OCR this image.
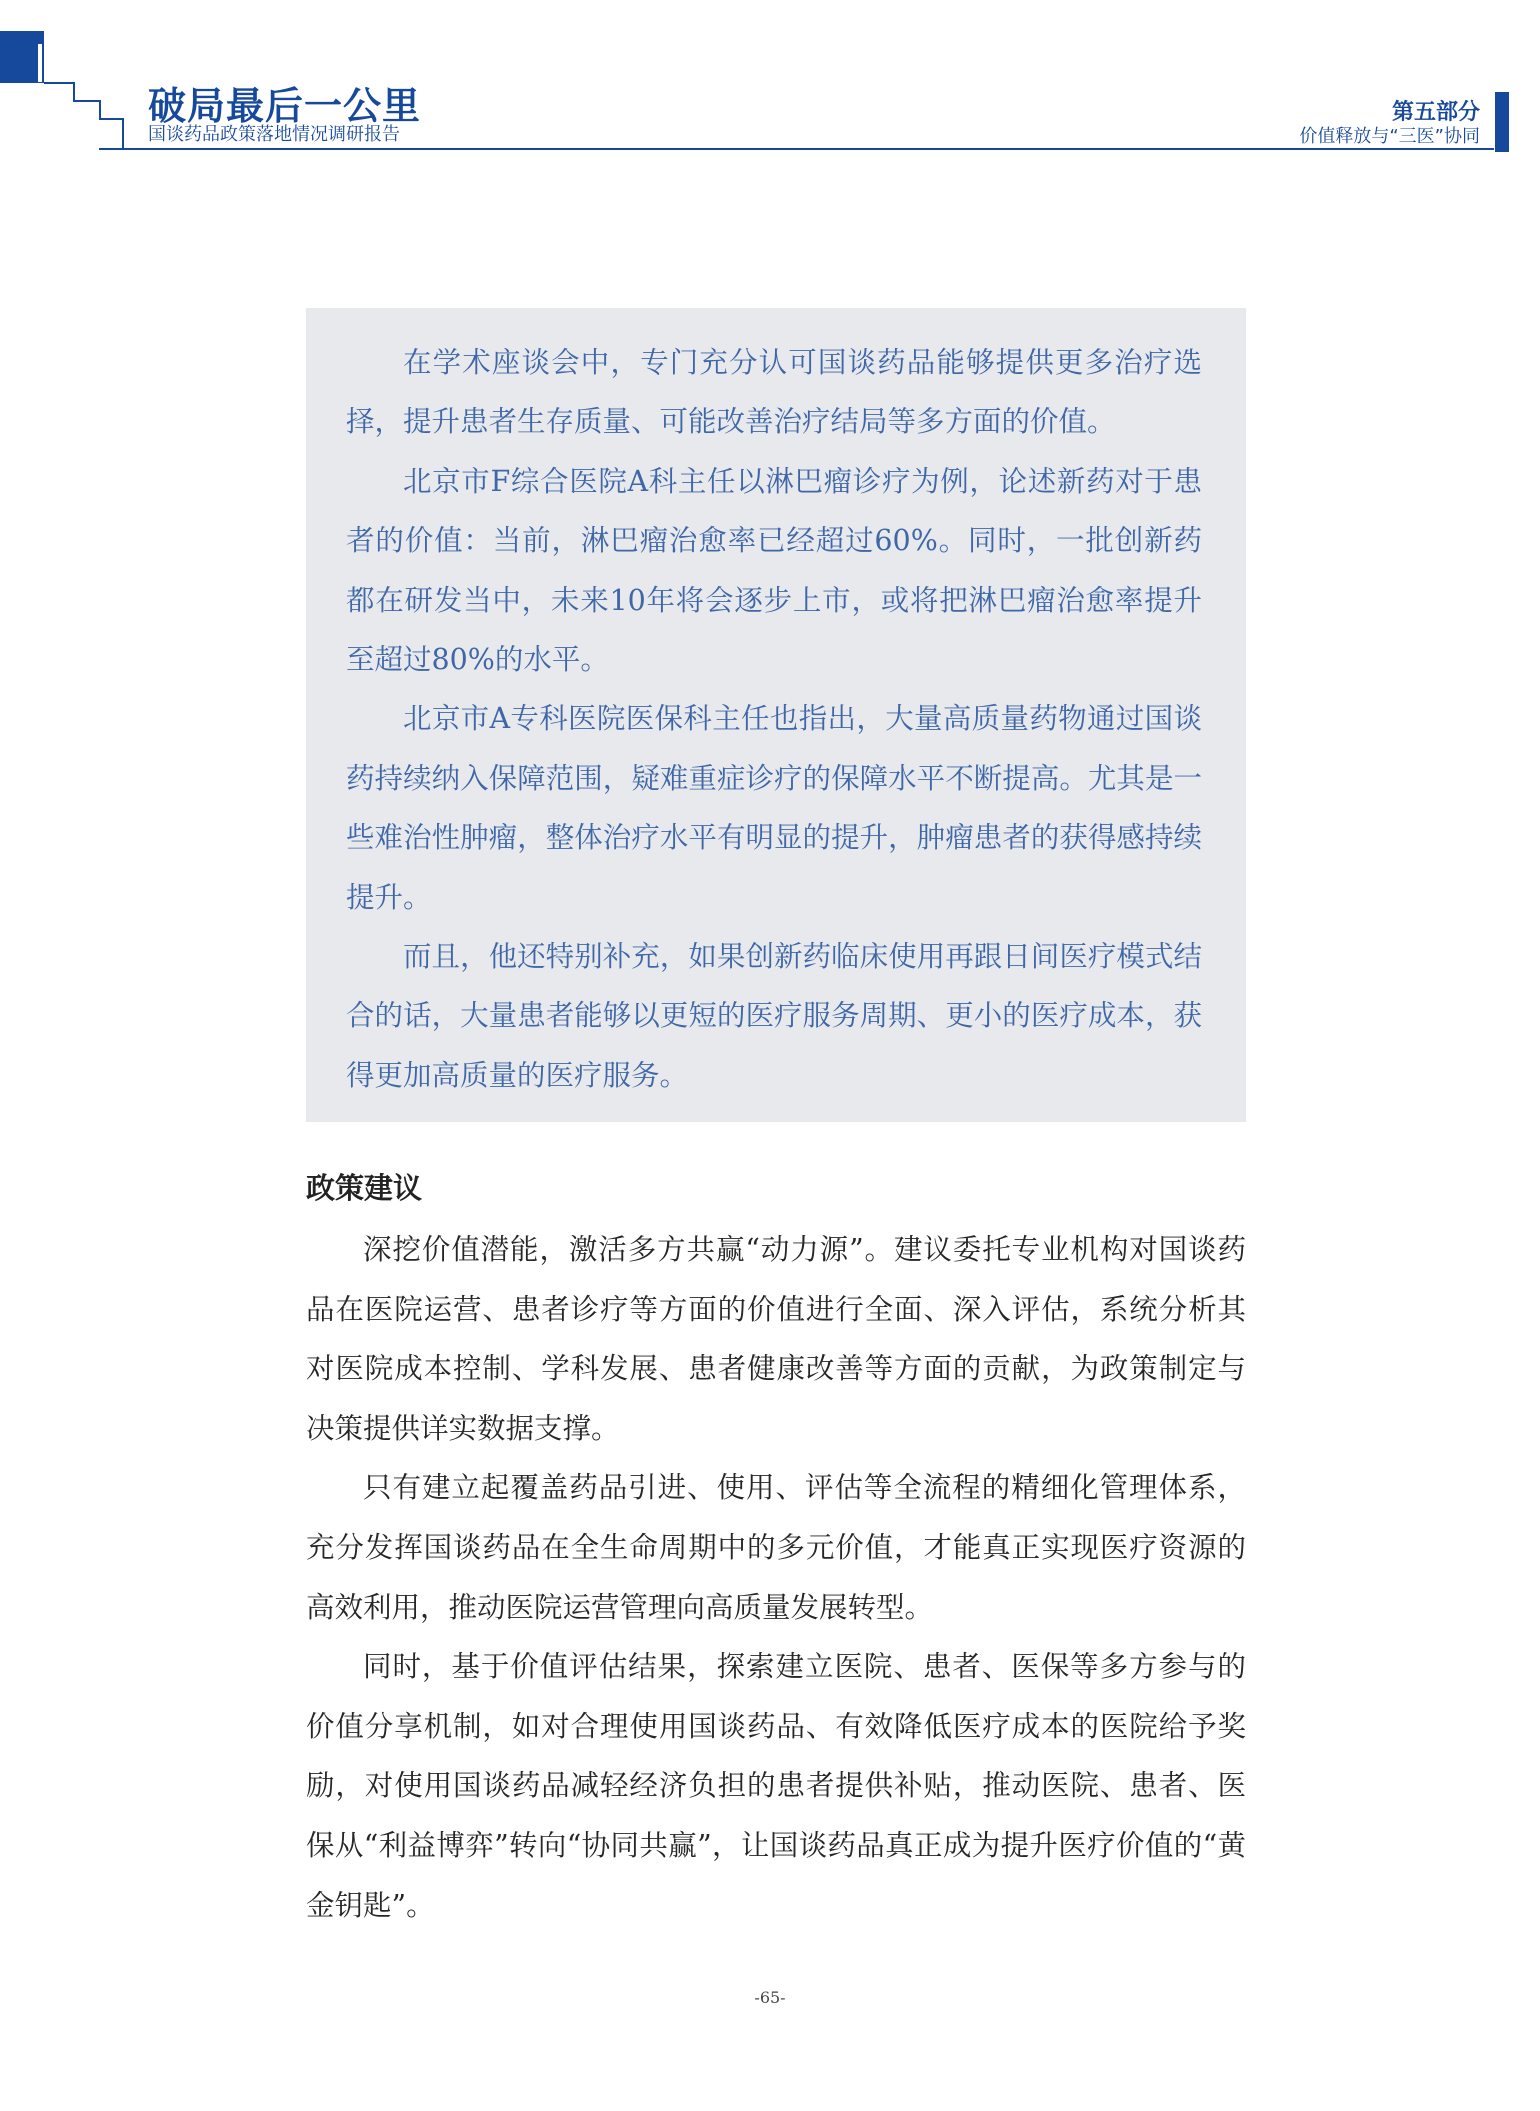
破局最后一公里
国谈药品政策落地情况调研报告
第五部分
价值释放与“三医”协同

在学术座谈会中，专门充分认可国谈药品能够提供更多治疗选择，提升患者生存质量、可能改善治疗结局等多方面的价值。

北京市F综合医院A科主任以淋巴瘤诊疗为例，论述新药对于患者的价值：当前，淋巴瘤治愈率已经超过60%。同时，一批创新药都在研发当中，未来10年将会逐步上市，或将把淋巴瘤治愈率提升至超过80%的水平。

北京市A专科医院医保科主任也指出，大量高质量药物通过国谈药持续纳入保障范围，疑难重症诊疗的保障水平不断提高。尤其是一些难治性肿瘤，整体治疗水平有明显的提升，肿瘤患者的获得感持续提升。

而且，他还特别补充，如果创新药临床使用再跟日间医疗模式结合的话，大量患者能够以更短的医疗服务周期、更小的医疗成本，获得更加高质量的医疗服务。

政策建议

深挖价值潜能，激活多方共赢“动力源”。建议委托专业机构对国谈药品在医院运营、患者诊疗等方面的价值进行全面、深入评估，系统分析其对医院成本控制、学科发展、患者健康改善等方面的贡献，为政策制定与决策提供详实数据支撑。

只有建立起覆盖药品引进、使用、评估等全流程的精细化管理体系，充分发挥国谈药品在全生命周期中的多元价值，才能真正实现医疗资源的高效利用，推动医院运营管理向高质量发展转型。

同时，基于价值评估结果，探索建立医院、患者、医保等多方参与的价值分享机制，如对合理使用国谈药品、有效降低医疗成本的医院给予奖励，对使用国谈药品减轻经济负担的患者提供补贴，推动医院、患者、医保从“利益博弈”转向“协同共赢”，让国谈药品真正成为提升医疗价值的“黄金钥匙”。

-65-
